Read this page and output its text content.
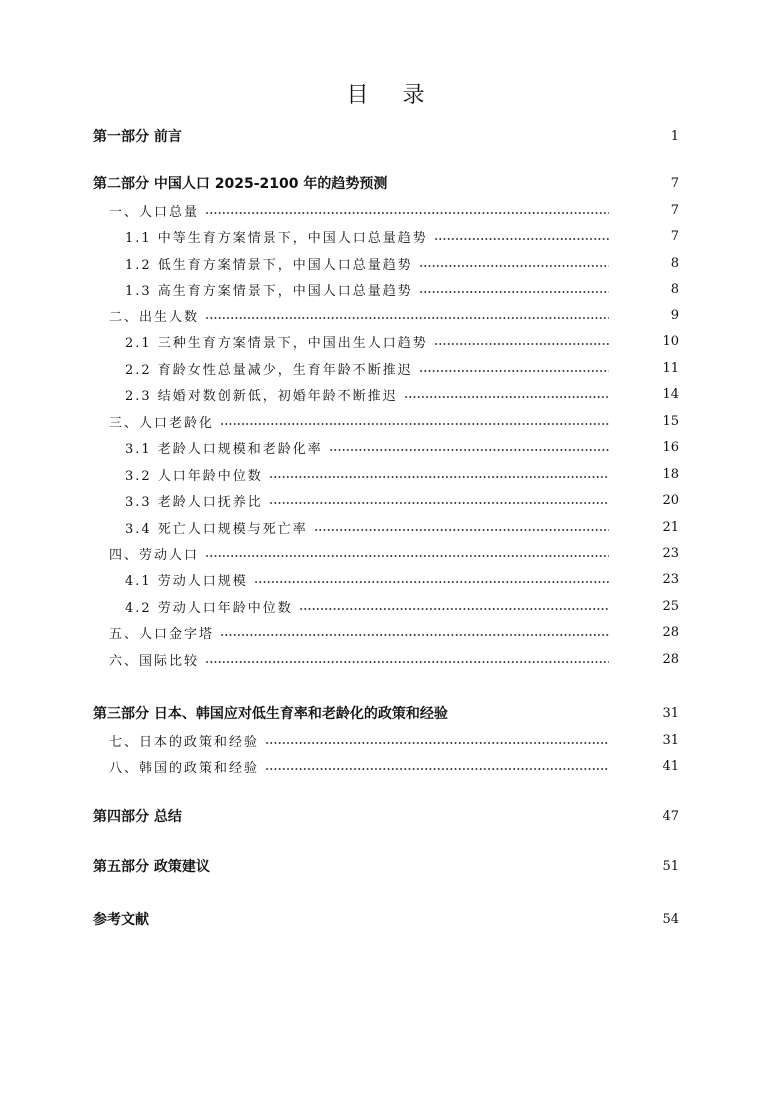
目录
第一部分 前言	1
第二部分 中国人口 2025-2100 年的趋势预测	7
一、人口总量	7
1.1 中等生育方案情景下，中国人口总量趋势	7
1.2 低生育方案情景下，中国人口总量趋势	8
1.3 高生育方案情景下，中国人口总量趋势	8
二、出生人数	9
2.1 三种生育方案情景下，中国出生人口趋势	10
2.2 育龄女性总量减少，生育年龄不断推迟	11
2.3 结婚对数创新低，初婚年龄不断推迟	14
三、人口老龄化	15
3.1 老龄人口规模和老龄化率	16
3.2 人口年龄中位数	18
3.3 老龄人口抚养比	20
3.4 死亡人口规模与死亡率	21
四、劳动人口	23
4.1 劳动人口规模	23
4.2 劳动人口年龄中位数	25
五、人口金字塔	28
六、国际比较	28
第三部分 日本、韩国应对低生育率和老龄化的政策和经验	31
七、日本的政策和经验	31
八、韩国的政策和经验	41
第四部分 总结	47
第五部分 政策建议	51
参考文献	54
